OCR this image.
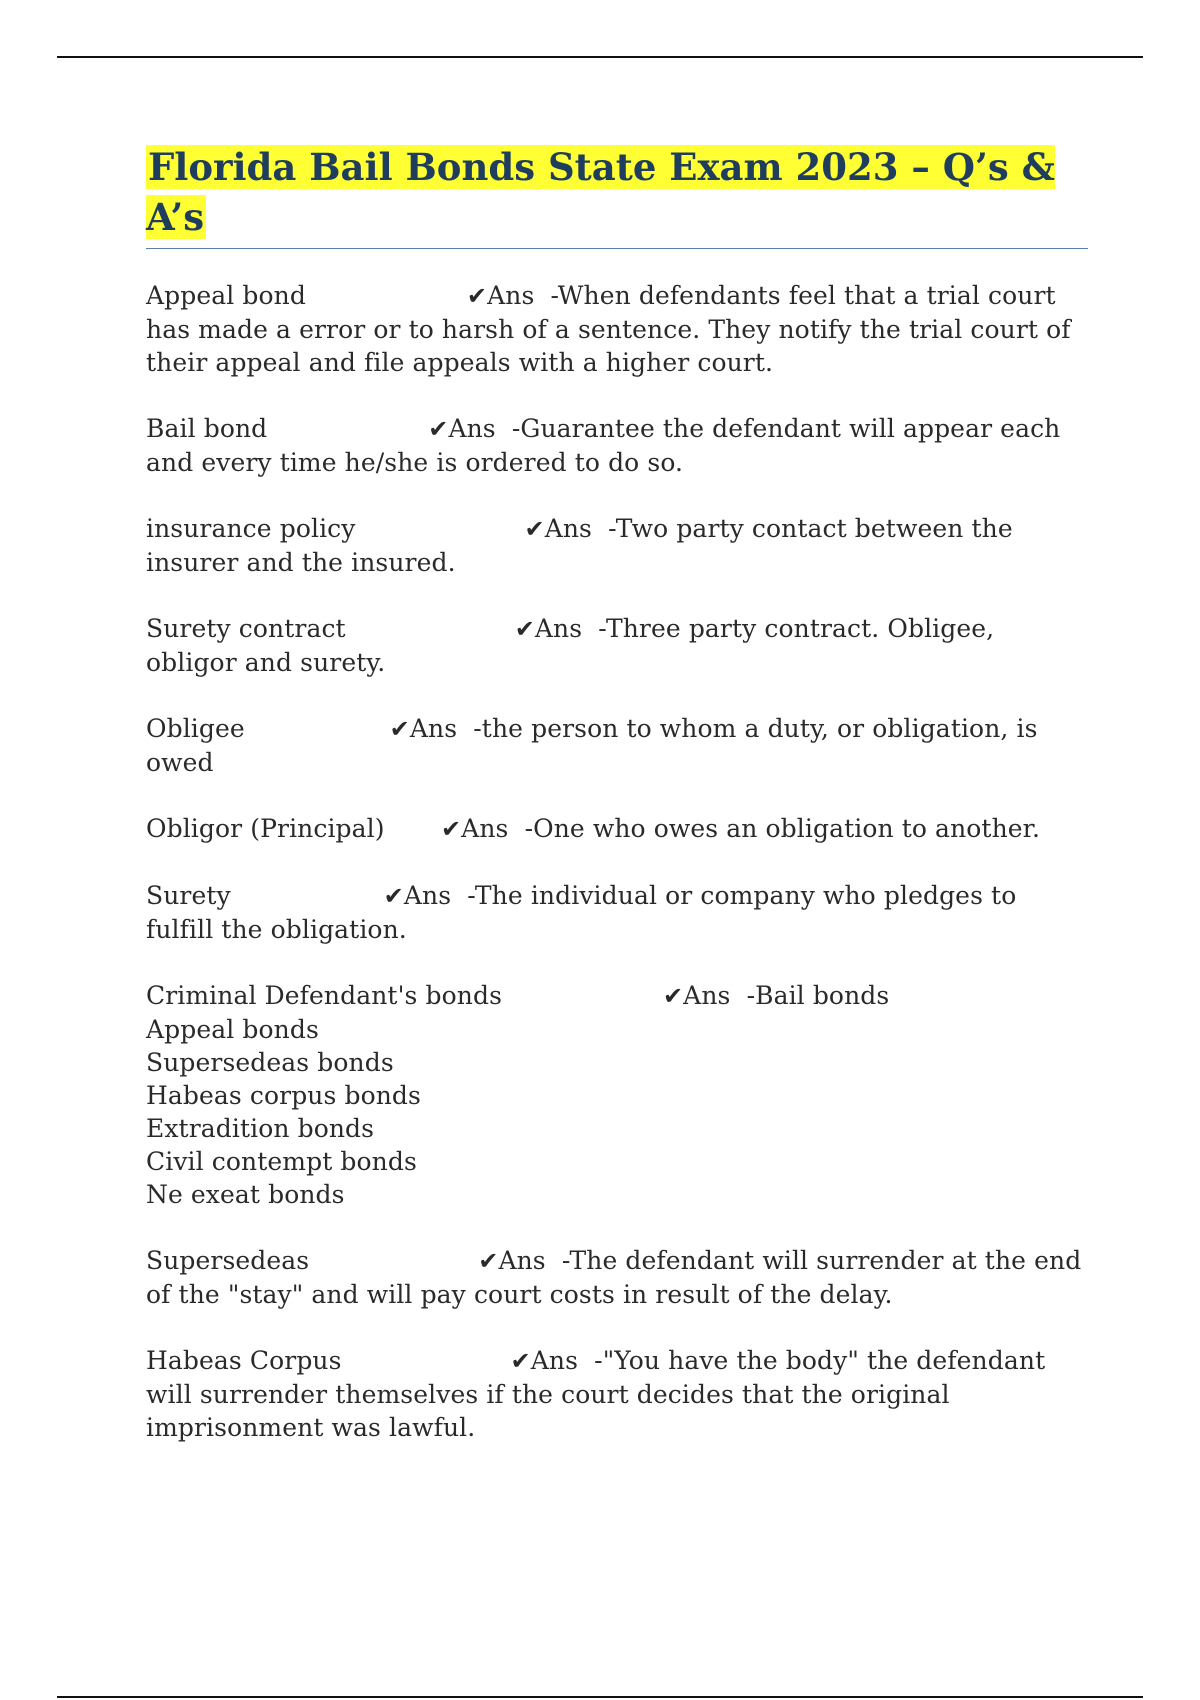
Florida Bail Bonds State Exam 2023 – Q’s & A’s
Appeal bond	✔Ans -When defendants feel that a trial court has made a error or to harsh of a sentence. They notify the trial court of their appeal and file appeals with a higher court.
Bail bond	✔Ans -Guarantee the defendant will appear each and every time he/she is ordered to do so.
insurance policy	✔Ans -Two party contact between the insurer and the insured.
Surety contract	✔Ans -Three party contract. Obligee, obligor and surety.
Obligee	✔Ans -the person to whom a duty, or obligation, is owed
Obligor (Principal) ✔Ans -One who owes an obligation to another.
Surety	✔Ans -The individual or company who pledges to fulfill the obligation.
Criminal Defendant's bonds	✔Ans -Bail bonds
Appeal bonds
Supersedeas bonds
Habeas corpus bonds
Extradition bonds
Civil contempt bonds
Ne exeat bonds
Supersedeas	✔Ans -The defendant will surrender at the end of the "stay" and will pay court costs in result of the delay.
Habeas Corpus	✔Ans -"You have the body" the defendant will surrender themselves if the court decides that the original imprisonment was lawful.
